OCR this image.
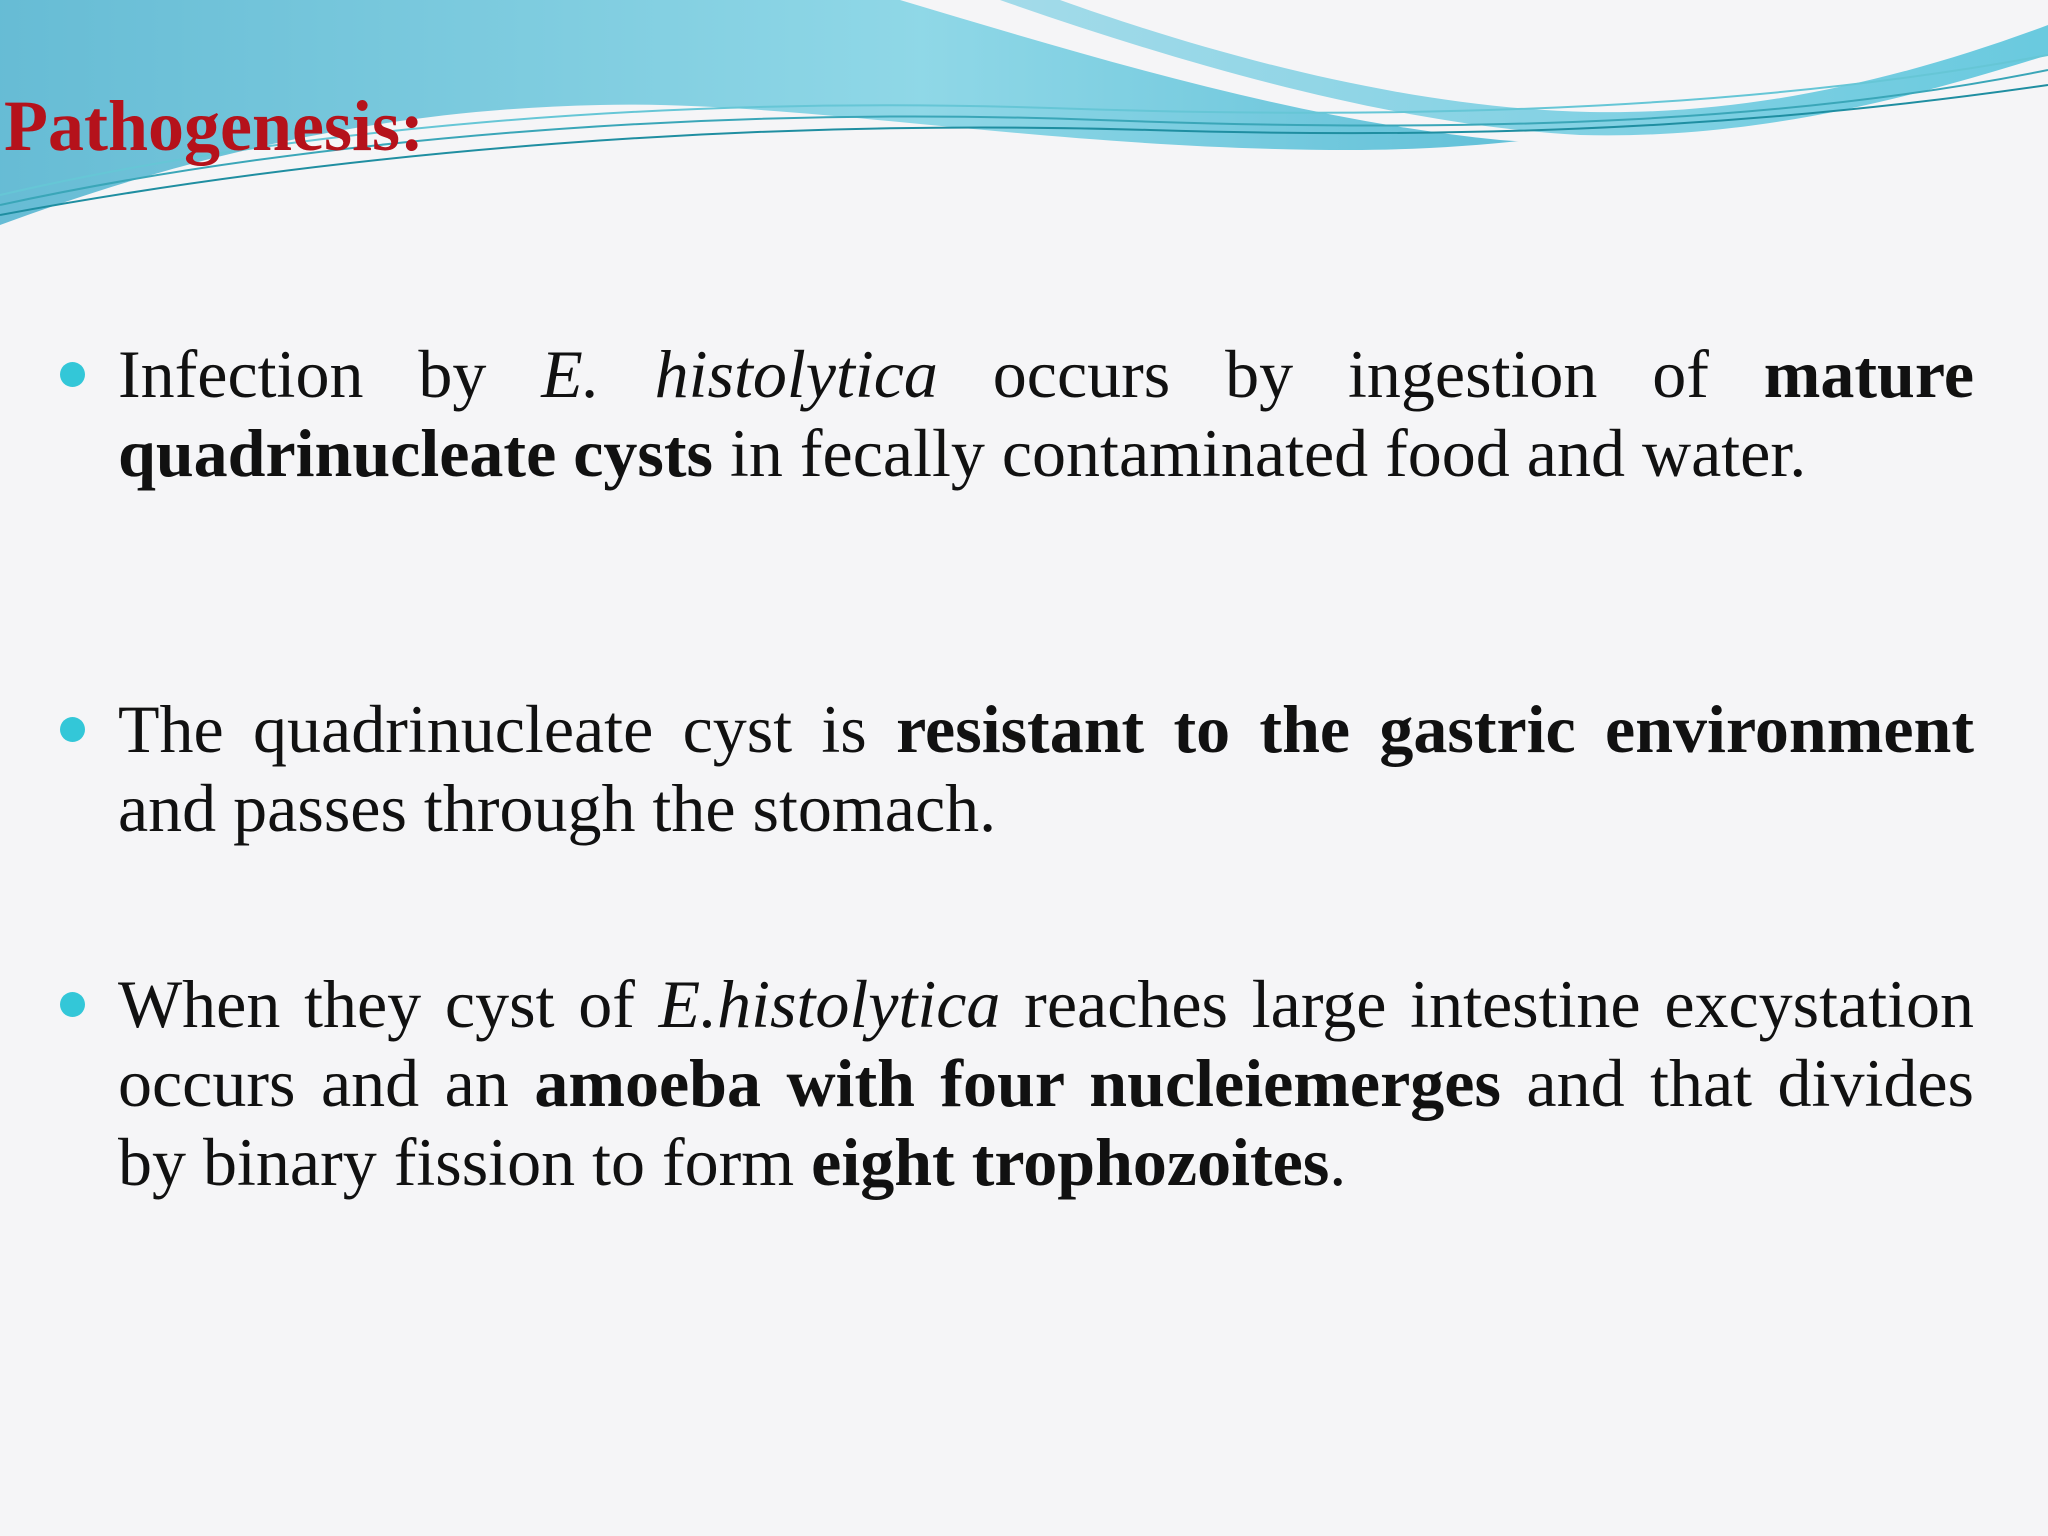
Pathogenesis:
Infection by E. histolytica occurs by ingestion of mature quadrinucleate cysts in fecally contaminated food and water.
The quadrinucleate cyst is resistant to the gastric environment and passes through the stomach.
When they cyst of E.histolytica reaches large intestine excystation occurs and an amoeba with four nucleiemerges and that divides by binary fission to form eight trophozoites.
